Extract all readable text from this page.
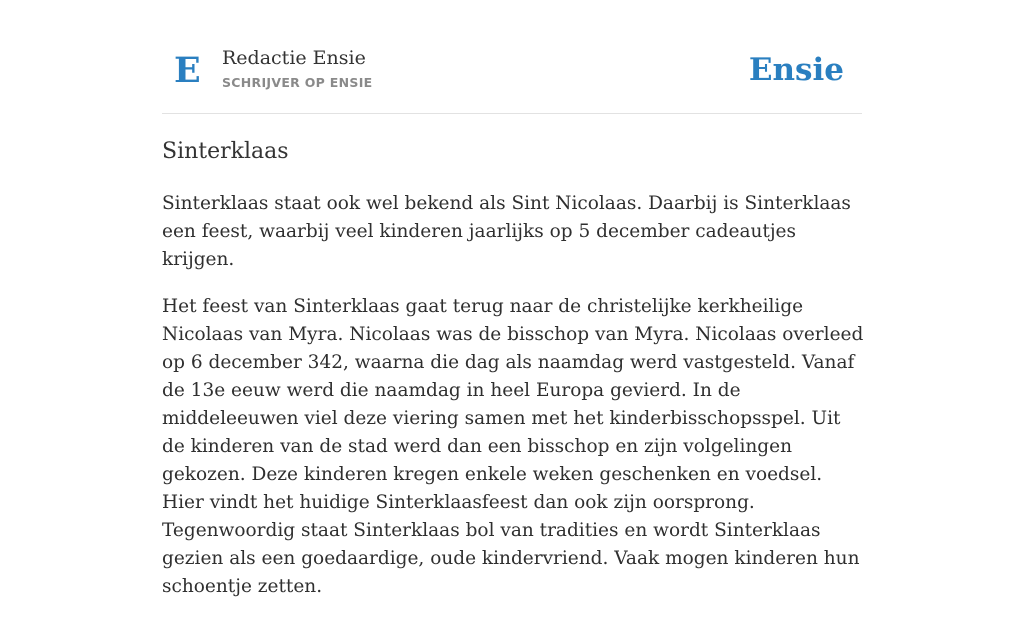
E Redactie Ensie
SCHRIJVER OP ENSIE	Ensie
Sinterklaas

Sinterklaas staat ook wel bekend als Sint Nicolaas. Daarbij is Sinterklaas een feest, waarbij veel kinderen jaarlijks op 5 december cadeautjes krijgen.

Het feest van Sinterklaas gaat terug naar de christelijke kerkheilige Nicolaas van Myra. Nicolaas was de bisschop van Myra. Nicolaas overleed op 6 december 342, waarna die dag als naamdag werd vastgesteld. Vanaf de 13e eeuw werd die naamdag in heel Europa gevierd. In de middeleeuwen viel deze viering samen met het kinderbisschopsspel. Uit de kinderen van de stad werd dan een bisschop en zijn volgelingen gekozen. Deze kinderen kregen enkele weken geschenken en voedsel. Hier vindt het huidige Sinterklaasfeest dan ook zijn oorsprong. Tegenwoordig staat Sinterklaas bol van tradities en wordt Sinterklaas gezien als een goedaardige, oude kindervriend. Vaak mogen kinderen hun schoentje zetten.
